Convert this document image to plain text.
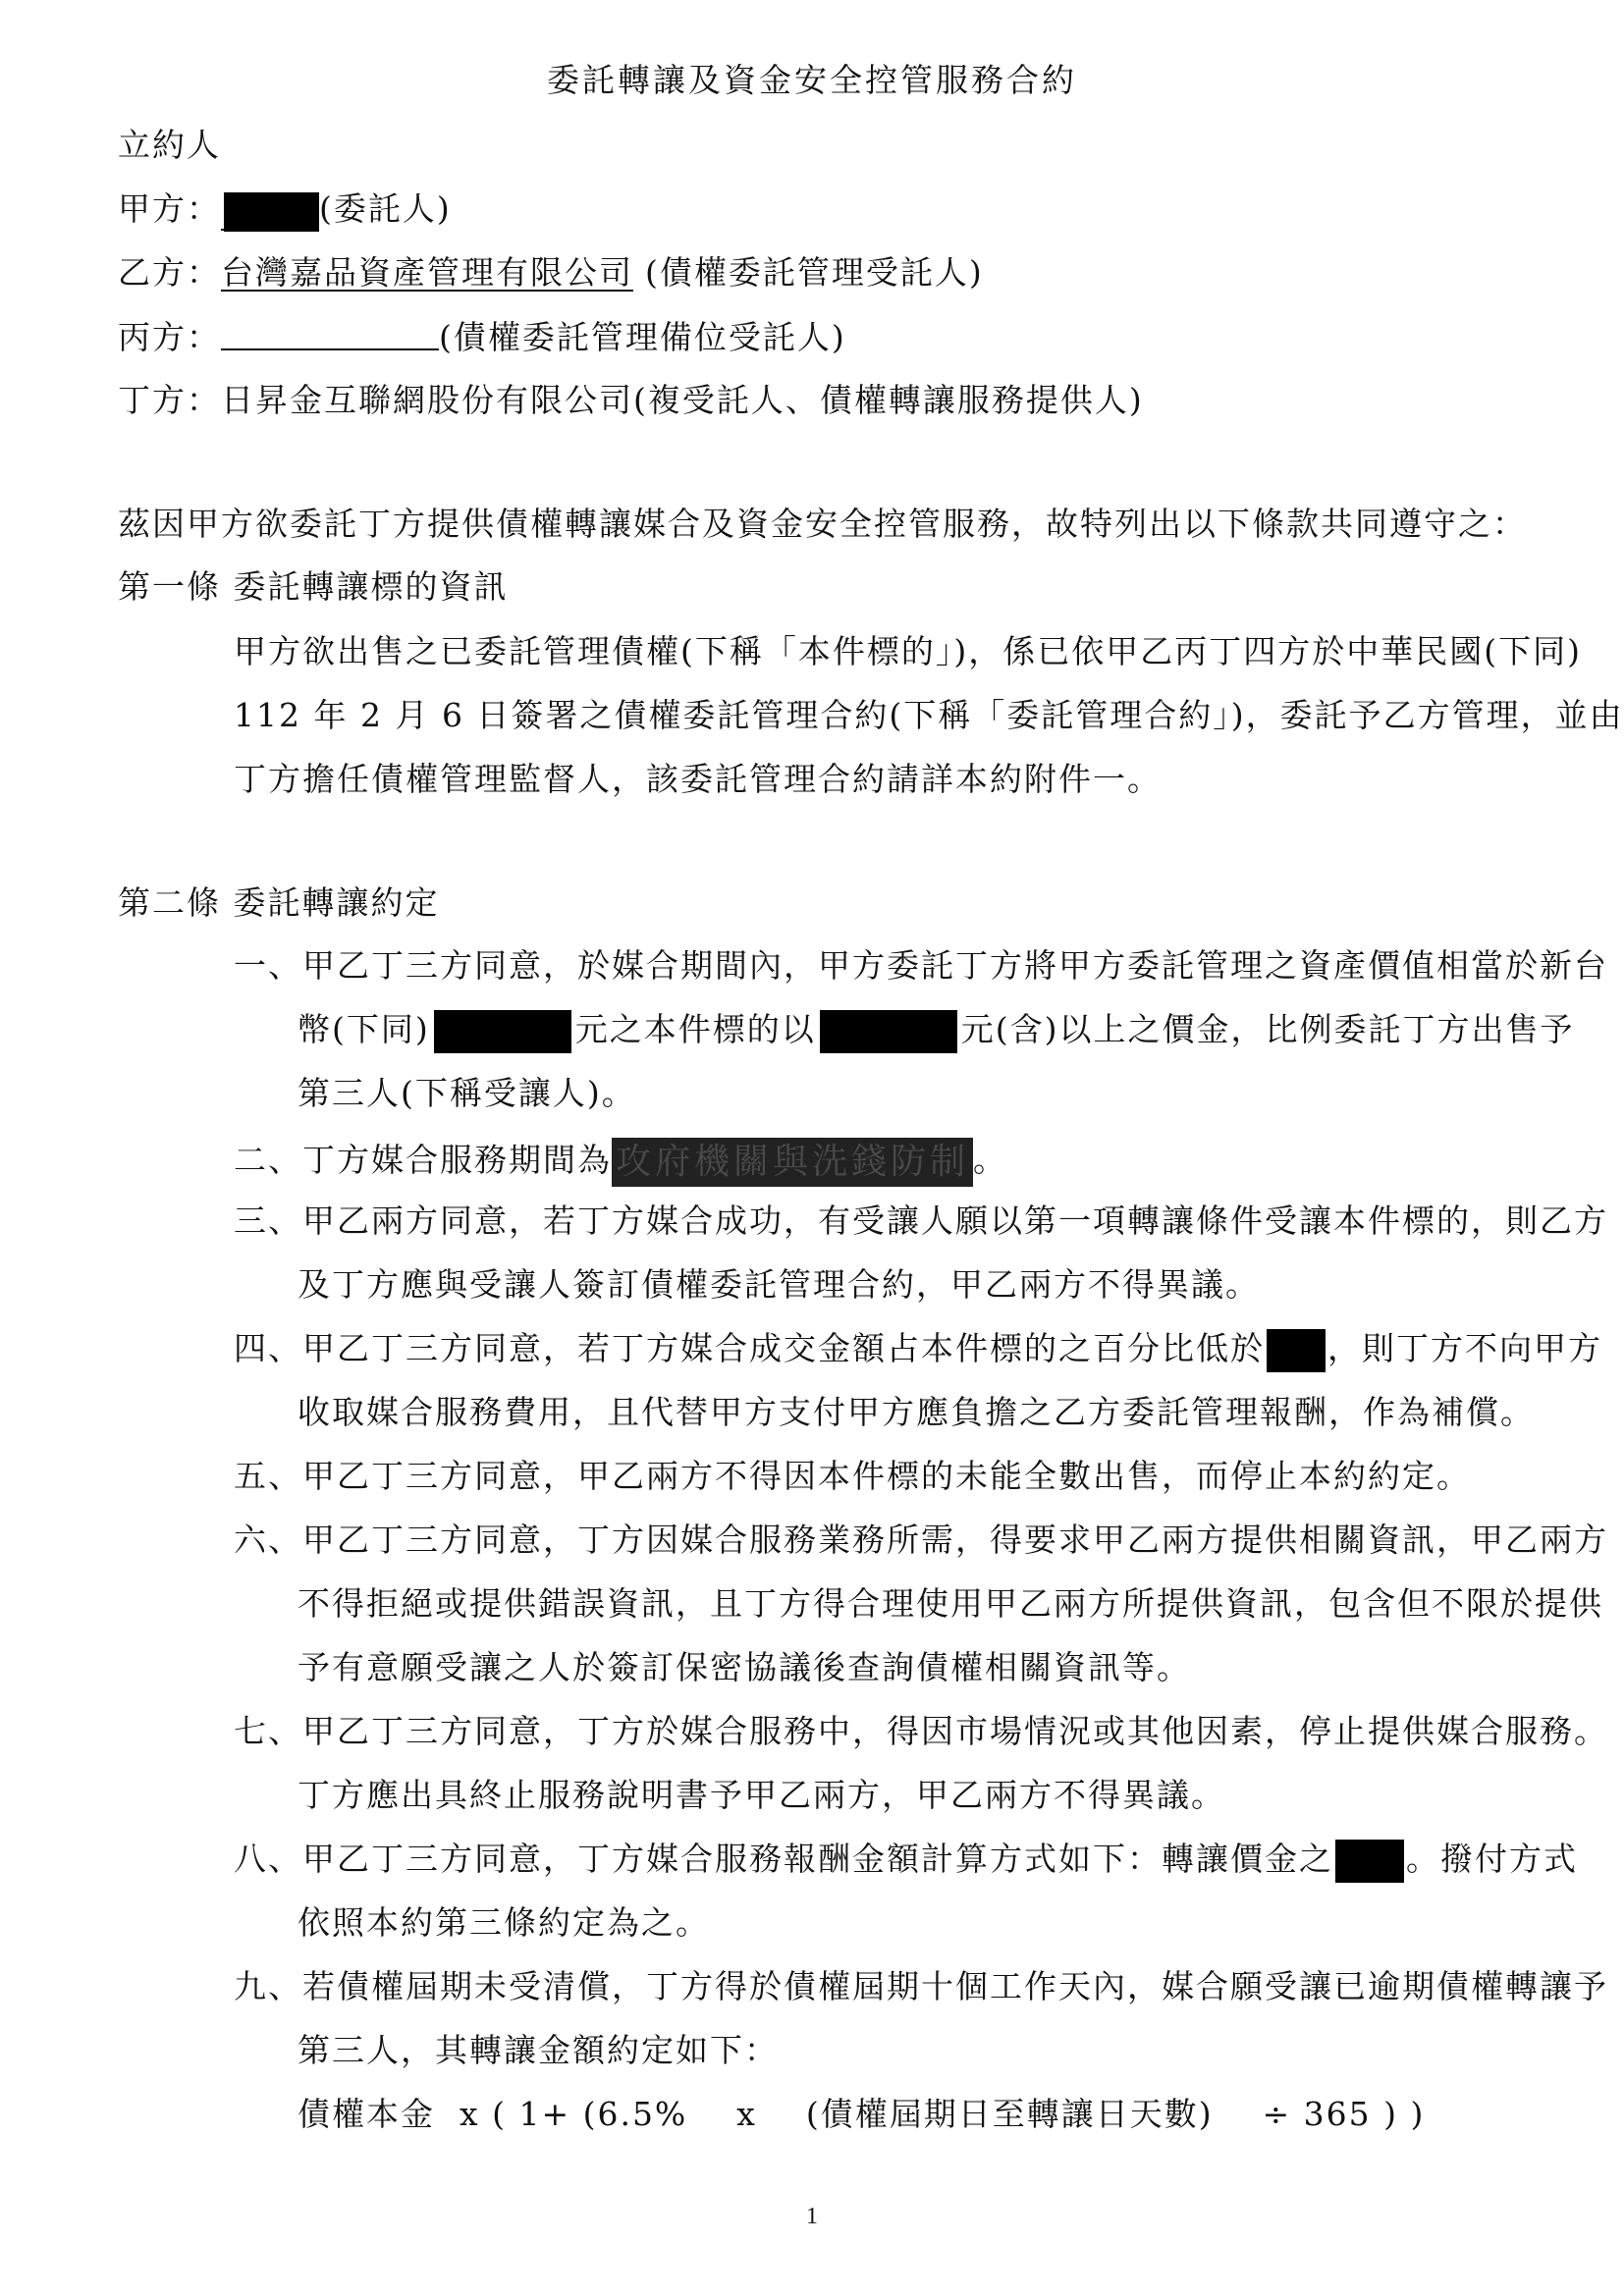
委託轉讓及資金安全控管服務合約
立約人
甲方：	(委託人)
乙方：台灣嘉品資產管理有限公司 (債權委託管理受託人)
丙方：	(債權委託管理備位受託人)
丁方：日昇金互聯網股份有限公司(複受託人、債權轉讓服務提供人)
茲因甲方欲委託丁方提供債權轉讓媒合及資金安全控管服務，故特列出以下條款共同遵守之：
第一條 委託轉讓標的資訊
甲方欲出售之已委託管理債權(下稱「本件標的」)，係已依甲乙丙丁四方於中華民國(下同)
112 年 2 月 6 日簽署之債權委託管理合約(下稱「委託管理合約」)，委託予乙方管理，並由
丁方擔任債權管理監督人，該委託管理合約請詳本約附件一。
第二條 委託轉讓約定
一、甲乙丁三方同意，於媒合期間內，甲方委託丁方將甲方委託管理之資產價值相當於新台
幣(下同)	元之本件標的以	元(含)以上之價金，比例委託丁方出售予
第三人(下稱受讓人)。
二、丁方媒合服務期間為 攻府機關與洗錢防制 。
三、甲乙兩方同意，若丁方媒合成功，有受讓人願以第一項轉讓條件受讓本件標的，則乙方
及丁方應與受讓人簽訂債權委託管理合約，甲乙兩方不得異議。
四、甲乙丁三方同意，若丁方媒合成交金額占本件標的之百分比低於 ，則丁方不向甲方
收取媒合服務費用，且代替甲方支付甲方應負擔之乙方委託管理報酬，作為補償。
五、甲乙丁三方同意，甲乙兩方不得因本件標的未能全數出售，而停止本約約定。
六、甲乙丁三方同意，丁方因媒合服務業務所需，得要求甲乙兩方提供相關資訊，甲乙兩方
不得拒絕或提供錯誤資訊，且丁方得合理使用甲乙兩方所提供資訊，包含但不限於提供
予有意願受讓之人於簽訂保密協議後查詢債權相關資訊等。
七、甲乙丁三方同意，丁方於媒合服務中，得因市場情況或其他因素，停止提供媒合服務。
丁方應出具終止服務說明書予甲乙兩方，甲乙兩方不得異議。
八、甲乙丁三方同意，丁方媒合服務報酬金額計算方式如下：轉讓價金之 。撥付方式
依照本約第三條約定為之。
九、若債權屆期未受清償，丁方得於債權屆期十個工作天內，媒合願受讓已逾期債權轉讓予
第三人，其轉讓金額約定如下：
債權本金  x ( 1+ (6.5%    x    (債權屆期日至轉讓日天數)    ÷ 365 ) )
1
